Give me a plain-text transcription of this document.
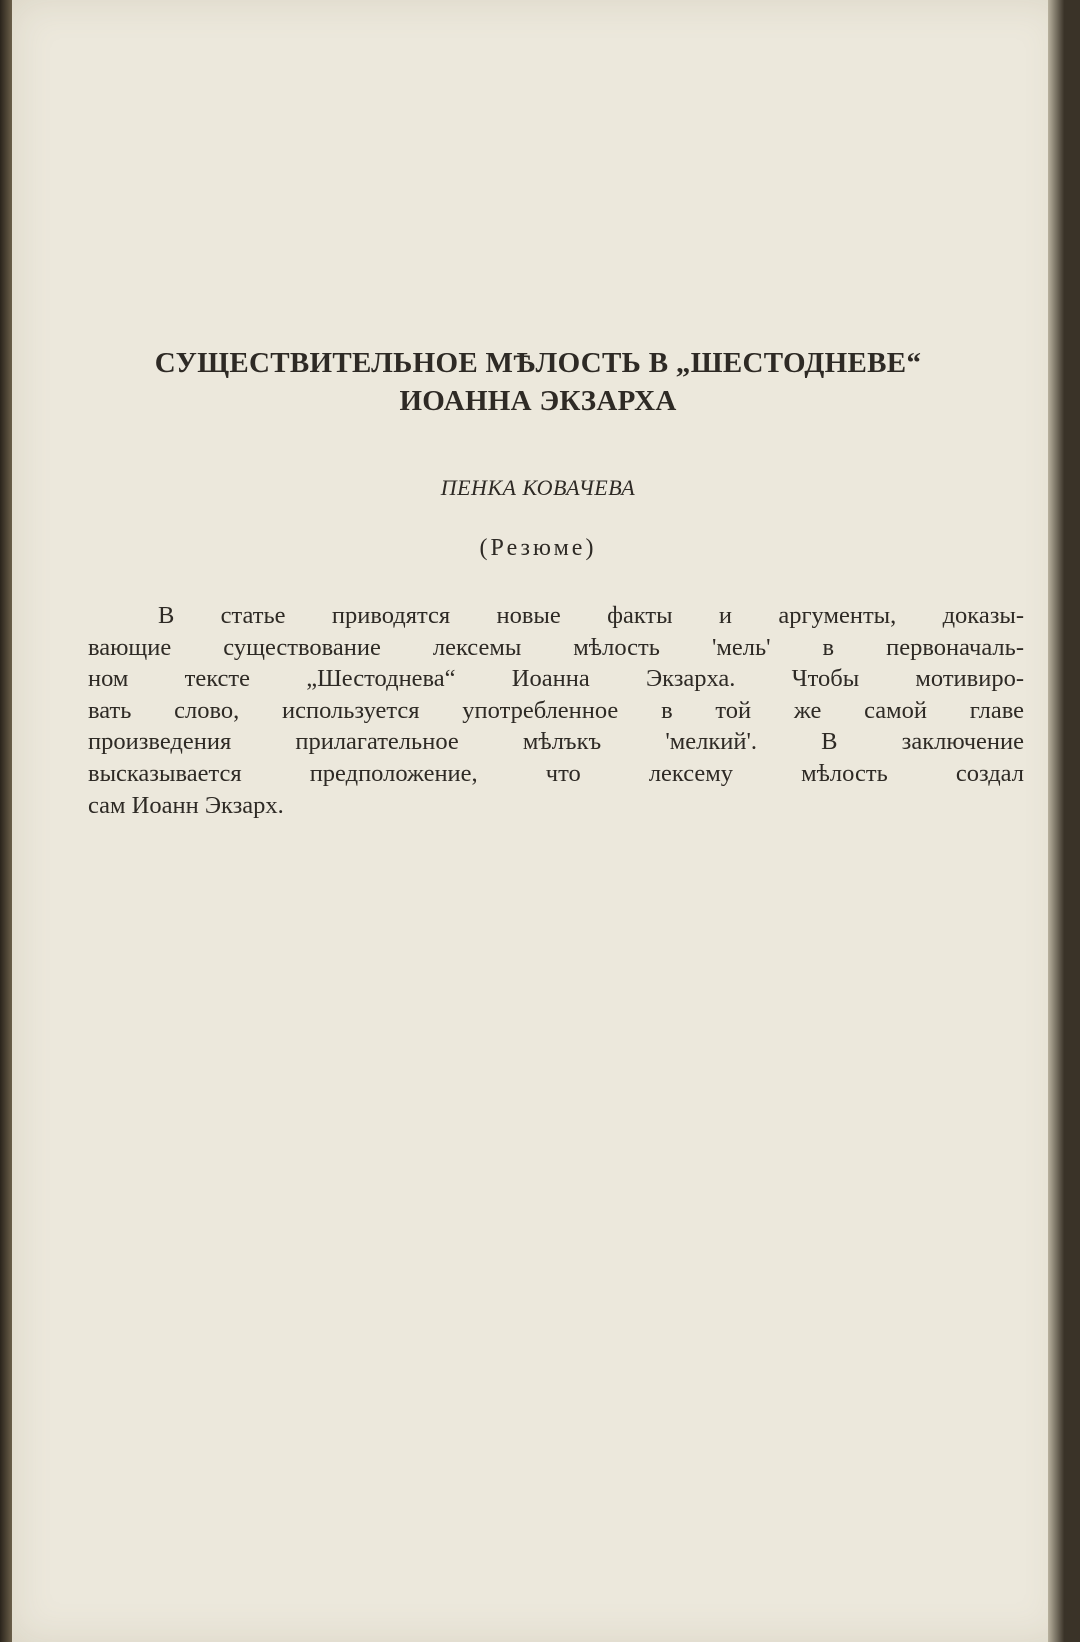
СУЩЕСТВИТЕЛЬНОЕ МѢЛОСТЬ В „ШЕСТОДНЕВЕ“
ИОАННА ЭКЗАРХА

ПЕНКА КОВАЧЕВА

(Резюме)

В статье приводятся новые факты и аргументы, доказы-
вающие существование лексемы мѣлость 'мель' в первоначаль-
ном тексте „Шестоднева“ Иоанна Экзарха. Чтобы мотивиро-
вать слово, используется употребленное в той же самой главе
произведения прилагательное мѣлъкъ 'мелкий'. В заключение
высказывается предположение, что лексему мѣлость создал
сам Иоанн Экзарх.
